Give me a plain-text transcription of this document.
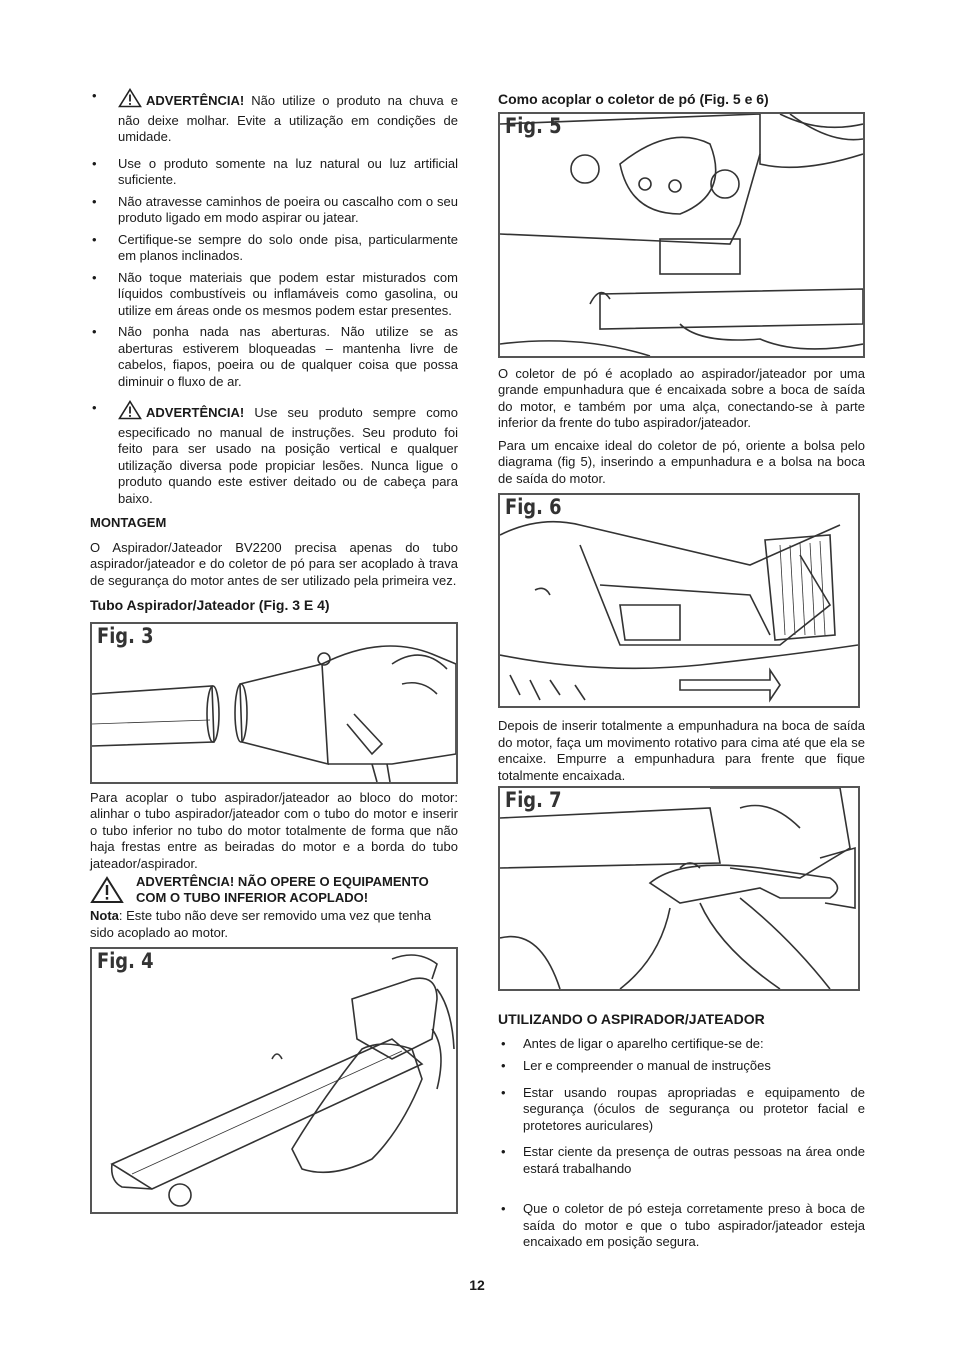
•	ADVERTÊNCIA! Não utilize o produto na chuva e não deixe molhar. Evite a utilização em condições de umidade.
• Use o produto somente na luz natural ou luz artificial suficiente.
• Não atravesse caminhos de poeira ou cascalho com o seu produto ligado em modo aspirar ou jatear.
• Certifique-se sempre do solo onde pisa, particularmente em planos inclinados.
• Não toque materiais que podem estar misturados com líquidos combustíveis ou inflamáveis como gasolina, ou utilize em áreas onde os mesmos podem estar presentes.
• Não ponha nada nas aberturas. Não utilize se as aberturas estiverem bloqueadas – mantenha livre de cabelos, fiapos, poeira ou de qualquer coisa que possa diminuir o fluxo de ar.
•	ADVERTÊNCIA! Use seu produto sempre como especificado no manual de instruções. Seu produto foi feito para ser usado na posição vertical e qualquer utilização diversa pode propiciar lesões. Nunca ligue o produto quando este estiver deitado ou de cabeça para baixo.
MONTAGEM
O Aspirador/Jateador BV2200 precisa apenas do tubo aspirador/jateador e do coletor de pó para ser acoplado à trava de segurança do motor antes de ser utilizado pela primeira vez.
Tubo Aspirador/Jateador (Fig. 3 E 4)
Fig. 3
Para acoplar o tubo aspirador/jateador ao bloco do motor: alinhar o tubo aspirador/jateador com o tubo do motor e inserir o tubo inferior no tubo do motor totalmente de forma que não haja frestas entre as beiradas do motor e a borda do tubo jateador/aspirador.
ADVERTÊNCIA! NÃO OPERE O EQUIPAMENTO COM O TUBO INFERIOR ACOPLADO!
Nota: Este tubo não deve ser removido uma vez que tenha sido acoplado ao motor.
Fig. 4
Como acoplar o coletor de pó (Fig. 5 e 6)
Fig. 5
O coletor de pó é acoplado ao aspirador/jateador por uma grande empunhadura que é encaixada sobre a boca de saída do motor, e também por uma alça, conectando-se à parte inferior da frente do tubo aspirador/jateador.
Para um encaixe ideal do coletor de pó, oriente a bolsa pelo diagrama (fig 5), inserindo a empunhadura e a bolsa na boca de saída do motor.
Fig. 6
Depois de inserir totalmente a empunhadura na boca de saída do motor, faça um movimento rotativo para cima até que ela se encaixe. Empurre a empunhadura para frente que fique totalmente encaixada.
Fig. 7
UTILIZANDO O ASPIRADOR/JATEADOR
• Antes de ligar o aparelho certifique-se de:
• Ler e compreender o manual de instruções
• Estar usando roupas apropriadas e equipamento de segurança (óculos de segurança ou protetor facial e protetores auriculares)
• Estar ciente da presença de outras pessoas na área onde estará trabalhando
• Que o coletor de pó esteja corretamente preso à boca de saída do motor e que o tubo aspirador/jateador esteja encaixado em posição segura.
12
